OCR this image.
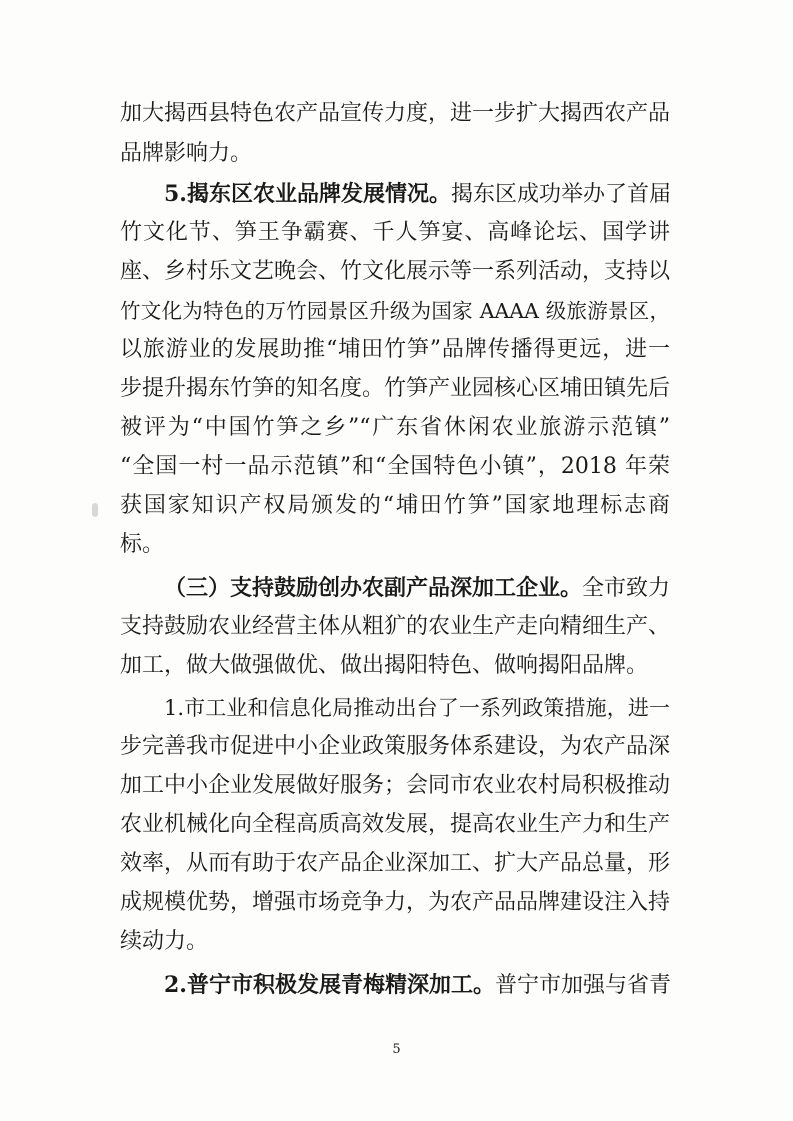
加大揭西县特色农产品宣传力度，进一步扩大揭西农产品
品牌影响力。
5.揭东区农业品牌发展情况。揭东区成功举办了首届
竹文化节、笋王争霸赛、千人笋宴、高峰论坛、国学讲
座、乡村乐文艺晚会、竹文化展示等一系列活动，支持以
竹文化为特色的万竹园景区升级为国家 AAAA 级旅游景区，
以旅游业的发展助推“埔田竹笋”品牌传播得更远，进一
步提升揭东竹笋的知名度。竹笋产业园核心区埔田镇先后
被评为“中国竹笋之乡”“广东省休闲农业旅游示范镇”
“全国一村一品示范镇”和“全国特色小镇”，2018 年荣
获国家知识产权局颁发的“埔田竹笋”国家地理标志商
标。
（三）支持鼓励创办农副产品深加工企业。全市致力
支持鼓励农业经营主体从粗犷的农业生产走向精细生产、
加工，做大做强做优、做出揭阳特色、做响揭阳品牌。
1.市工业和信息化局推动出台了一系列政策措施，进一
步完善我市促进中小企业政策服务体系建设，为农产品深
加工中小企业发展做好服务；会同市农业农村局积极推动
农业机械化向全程高质高效发展，提高农业生产力和生产
效率，从而有助于农产品企业深加工、扩大产品总量，形
成规模优势，增强市场竞争力，为农产品品牌建设注入持
续动力。
2.普宁市积极发展青梅精深加工。普宁市加强与省青
5
